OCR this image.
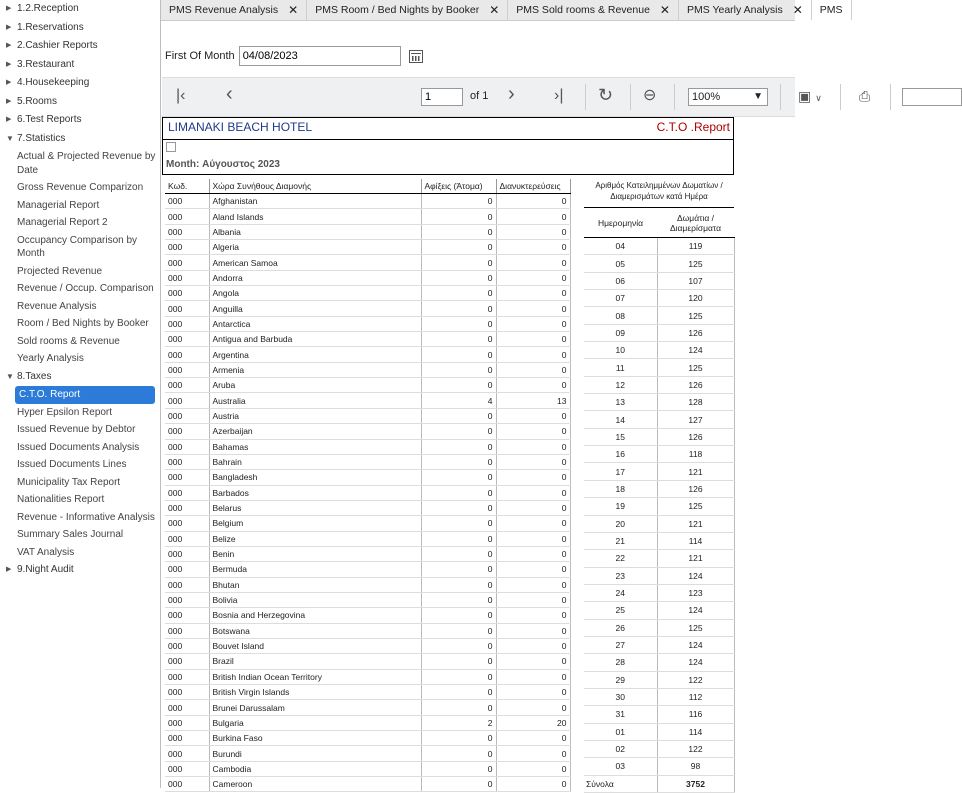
▶ 1.2.Reception
▶ 1.Reservations
▶ 2.Cashier Reports
▶ 3.Restaurant
▶ 4.Housekeeping
▶ 5.Rooms
▶ 6.Test Reports
▼ 7.Statistics
Actual & Projected Revenue by Date
Gross Revenue Comparizon
Managerial Report
Managerial Report 2
Occupancy Comparison by Month
Projected Revenue
Revenue / Occup. Comparison
Revenue Analysis
Room / Bed Nights by Booker
Sold rooms & Revenue
Yearly Analysis
▼ 8.Taxes
C.T.O. Report
Hyper Epsilon Report
Issued Revenue by Debtor
Issued Documents Analysis
Issued Documents Lines
Municipality Tax Report
Nationalities Report
Revenue - Informative Analysis
Summary Sales Journal
VAT Analysis
▶ 9.Night Audit
PMS Revenue Analysis ✕ PMS Room / Bed Nights by Booker ✕ PMS Sold rooms & Revenue ✕ PMS Yearly Analysis ✕ PMS
First Of Month
04/08/2023
|‹ ‹
1	of 1 › ›| ↻ ⊖	100%	▼	▣ ∨	⎙
LIMANAKI BEACH HOTEL	C.T.O .Report
Month: Αύγουστος 2023
Κωδ.	Χώρα Συνήθους Διαμονής	Αφίξεις (Άτομα)	Διανυκτερεύσεις
000	Afghanistan	0	0
000	Aland Islands	0	0
000	Albania	0	0
000	Algeria	0	0
000	American Samoa	0	0
000	Andorra	0	0
000	Angola	0	0
000	Anguilla	0	0
000	Antarctica	0	0
000	Antigua and Barbuda	0	0
000	Argentina	0	0
000	Armenia	0	0
000	Aruba	0	0
000	Australia	4	13
000	Austria	0	0
000	Azerbaijan	0	0
000	Bahamas	0	0
000	Bahrain	0	0
000	Bangladesh	0	0
000	Barbados	0	0
000	Belarus	0	0
000	Belgium	0	0
000	Belize	0	0
000	Benin	0	0
000	Bermuda	0	0
000	Bhutan	0	0
000	Bolivia	0	0
000	Bosnia and Herzegovina	0	0
000	Botswana	0	0
000	Bouvet Island	0	0
000	Brazil	0	0
000	British Indian Ocean Territory	0	0
000	British Virgin Islands	0	0
000	Brunei Darussalam	0	0
000	Bulgaria	2	20
000	Burkina Faso	0	0
000	Burundi	0	0
000	Cambodia	0	0
000	Cameroon	0	0
Αριθμός Κατειλημμένων Δωματίων / Διαμερισμάτων κατά Ημέρα
Ημερομηνία	Δωμάτια / Διαμερίσματα
04	119
05	125
06	107
07	120
08	125
09	126
10	124
11	125
12	126
13	128
14	127
15	126
16	118
17	121
18	126
19	125
20	121
21	114
22	121
23	124
24	123
25	124
26	125
27	124
28	124
29	122
30	112
31	116
01	114
02	122
03	98
Σύνολα	3752
